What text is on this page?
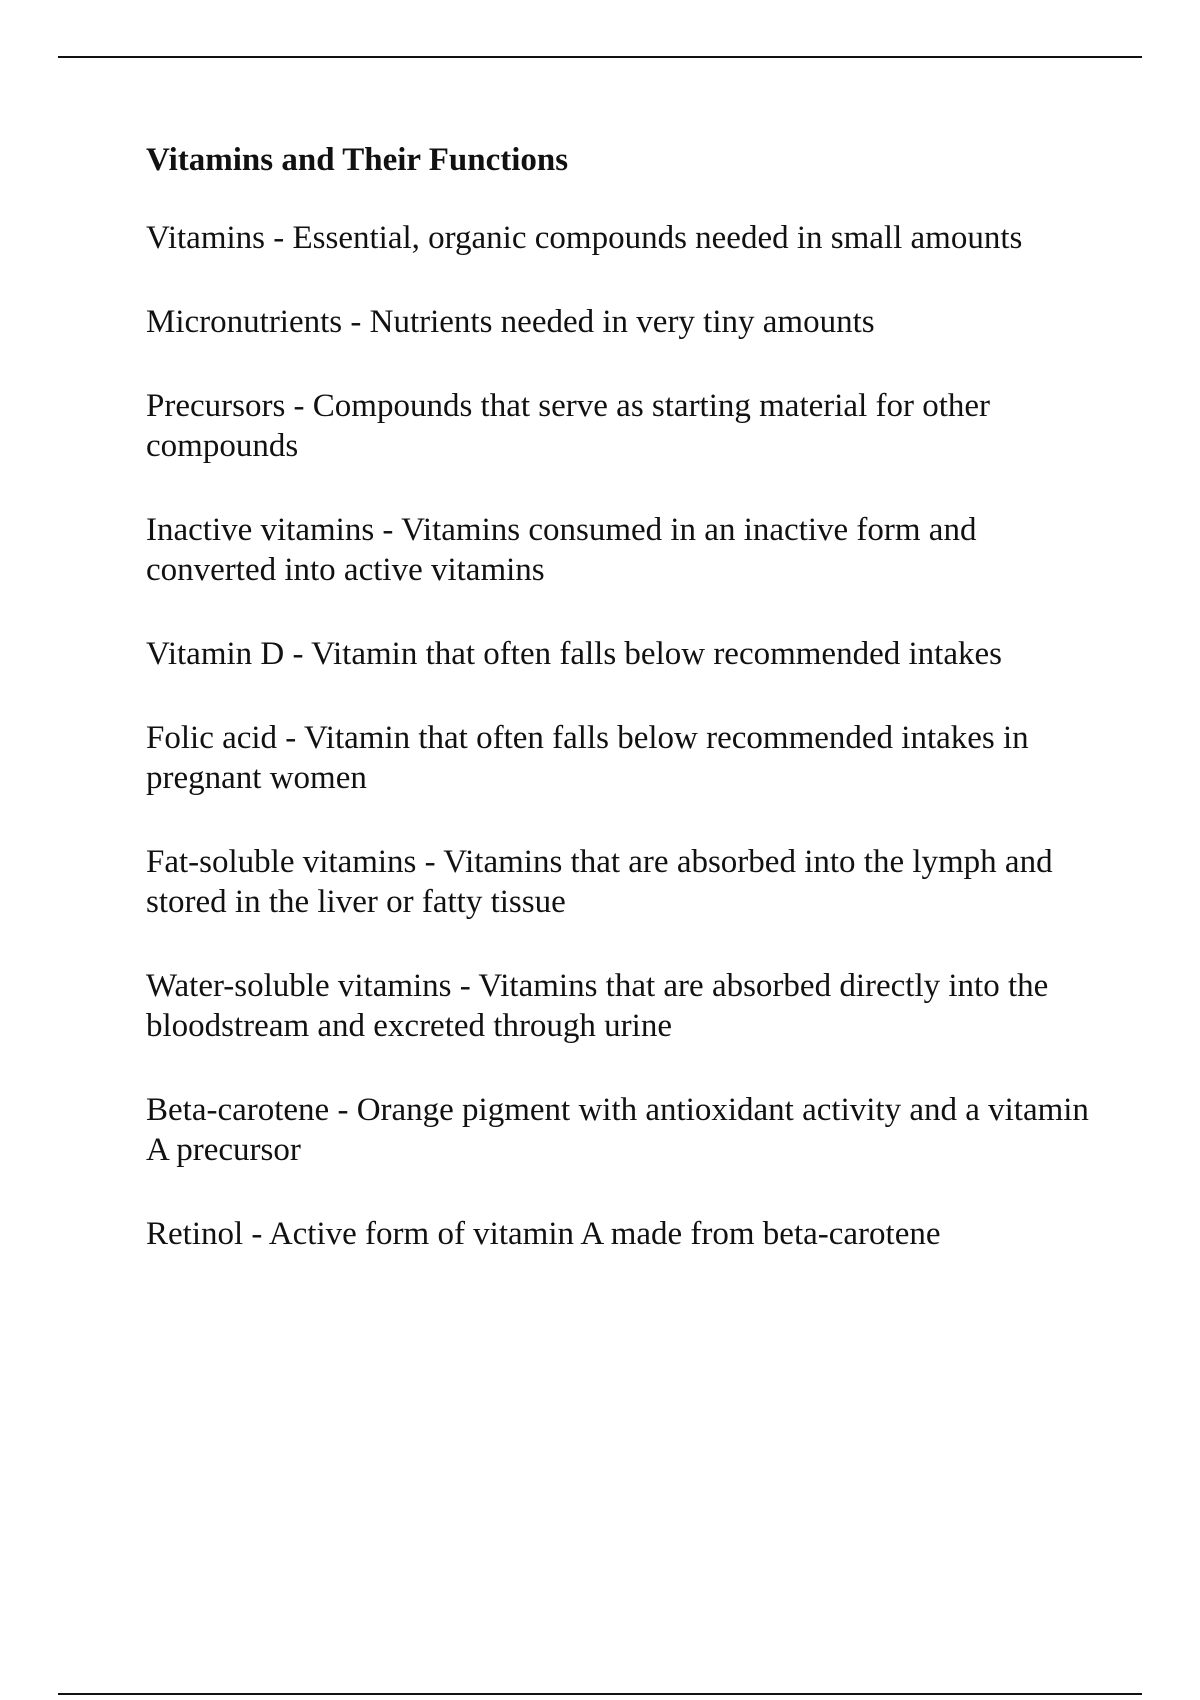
Vitamins and Their Functions

Vitamins - Essential, organic compounds needed in small amounts

Micronutrients - Nutrients needed in very tiny amounts

Precursors - Compounds that serve as starting material for other compounds

Inactive vitamins - Vitamins consumed in an inactive form and converted into active vitamins

Vitamin D - Vitamin that often falls below recommended intakes

Folic acid - Vitamin that often falls below recommended intakes in pregnant women

Fat-soluble vitamins - Vitamins that are absorbed into the lymph and stored in the liver or fatty tissue

Water-soluble vitamins - Vitamins that are absorbed directly into the bloodstream and excreted through urine

Beta-carotene - Orange pigment with antioxidant activity and a vitamin A precursor

Retinol - Active form of vitamin A made from beta-carotene
